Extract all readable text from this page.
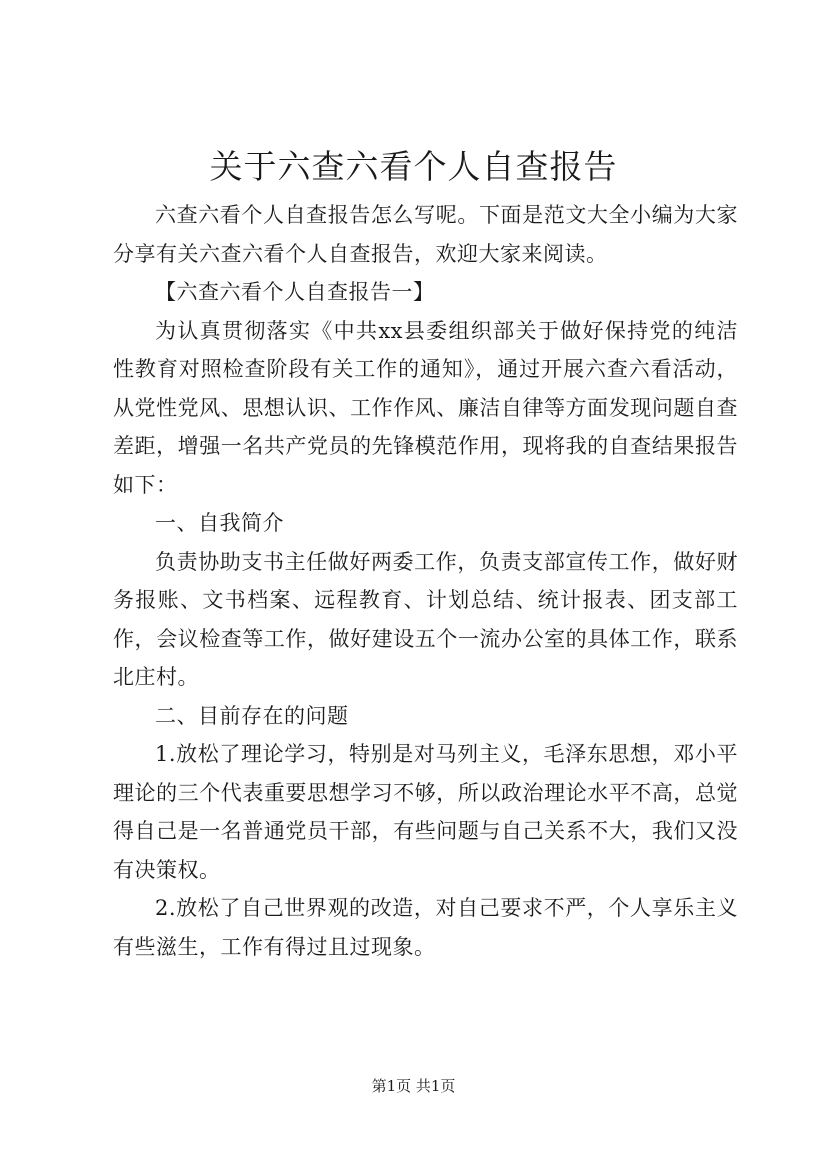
关于六查六看个人自查报告

六查六看个人自查报告怎么写呢。下面是范文大全小编为大家分享有关六查六看个人自查报告，欢迎大家来阅读。

【六查六看个人自查报告一】

为认真贯彻落实《中共xx县委组织部关于做好保持党的纯洁性教育对照检查阶段有关工作的通知》，通过开展六查六看活动，从党性党风、思想认识、工作作风、廉洁自律等方面发现问题自查差距，增强一名共产党员的先锋模范作用，现将我的自查结果报告如下：

一、自我简介

负责协助支书主任做好两委工作，负责支部宣传工作，做好财务报账、文书档案、远程教育、计划总结、统计报表、团支部工作，会议检查等工作，做好建设五个一流办公室的具体工作，联系北庄村。

二、目前存在的问题

1.放松了理论学习，特别是对马列主义，毛泽东思想，邓小平理论的三个代表重要思想学习不够，所以政治理论水平不高，总觉得自己是一名普通党员干部，有些问题与自己关系不大，我们又没有决策权。

2.放松了自己世界观的改造，对自己要求不严，个人享乐主义有些滋生，工作有得过且过现象。

第1页 共1页
